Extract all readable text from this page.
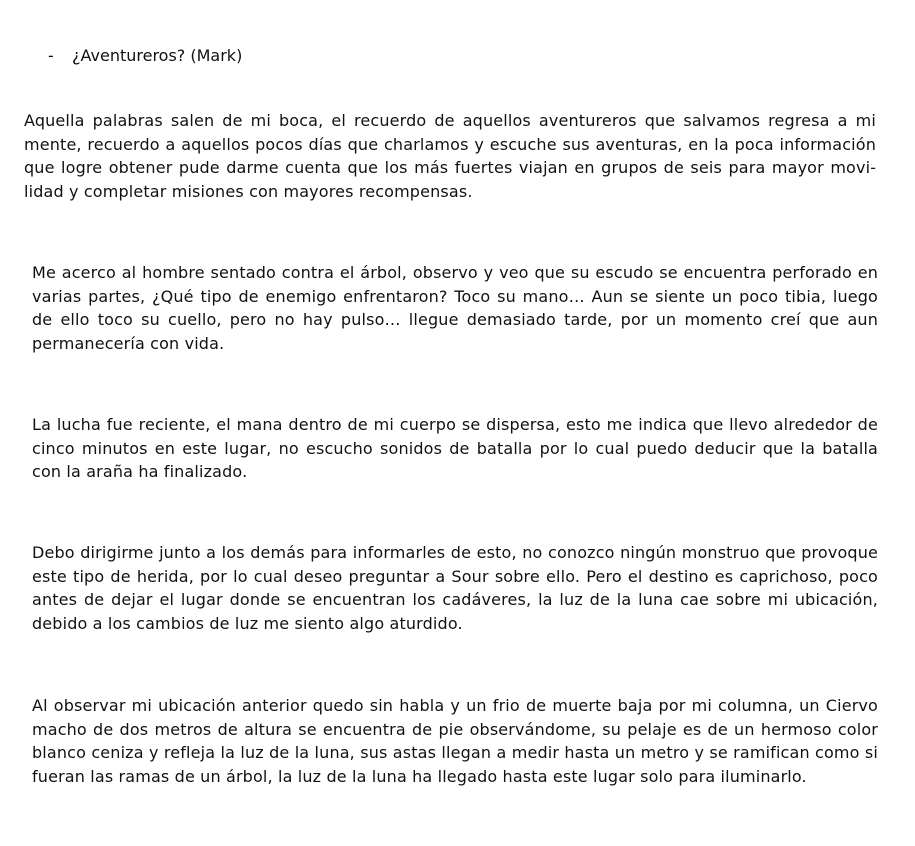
- ¿Aventureros? (Mark)

Aquella palabras salen de mi boca, el recuerdo de aquellos aventureros que salvamos regresa a mi mente, recuerdo a aquellos pocos días que charlamos y escuche sus aventuras, en la poca información que logre obtener pude darme cuenta que los más fuertes viajan en grupos de seis para mayor movilidad y completar misiones con mayores recompensas.

Me acerco al hombre sentado contra el árbol, observo y veo que su escudo se encuentra perforado en varias partes, ¿Qué tipo de enemigo enfrentaron? Toco su mano… Aun se siente un poco tibia, luego de ello toco su cuello, pero no hay pulso… llegue demasiado tarde, por un momento creí que aun permanecería con vida.

La lucha fue reciente, el mana dentro de mi cuerpo se dispersa, esto me indica que llevo alrededor de cinco minutos en este lugar, no escucho sonidos de batalla por lo cual puedo deducir que la batalla con la araña ha finalizado.

Debo dirigirme junto a los demás para informarles de esto, no conozco ningún monstruo que provoque este tipo de herida, por lo cual deseo preguntar a Sour sobre ello. Pero el destino es caprichoso, poco antes de dejar el lugar donde se encuentran los cadáveres, la luz de la luna cae sobre mi ubicación, debido a los cambios de luz me siento algo aturdido.

Al observar mi ubicación anterior quedo sin habla y un frio de muerte baja por mi columna, un Ciervo macho de dos metros de altura se encuentra de pie observándome, su pelaje es de un hermoso color blanco ceniza y refleja la luz de la luna, sus astas llegan a medir hasta un metro y se ramifican como si fueran las ramas de un árbol, la luz de la luna ha llegado hasta este lugar solo para iluminarlo.
